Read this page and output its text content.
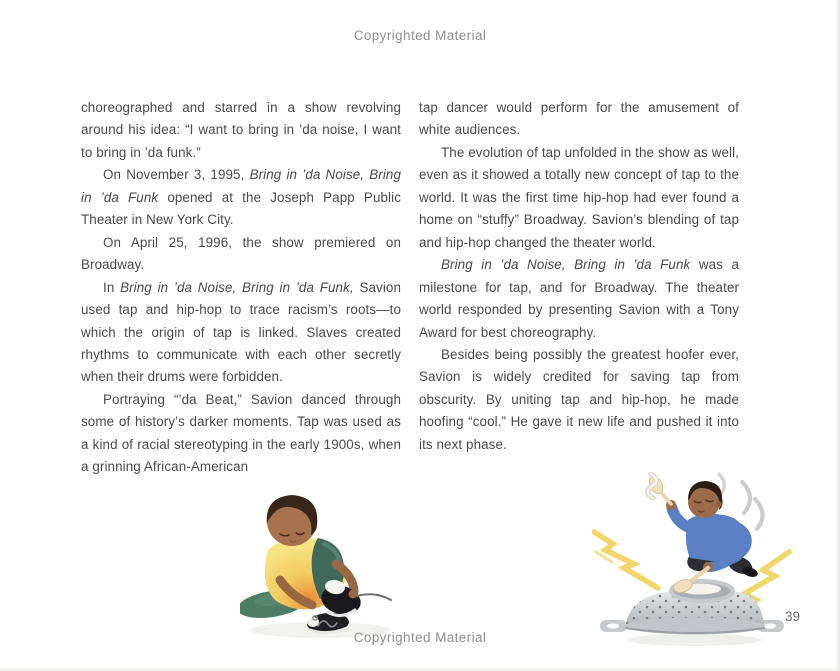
Copyrighted Material

choreographed and starred in a show revolving around his idea: “I want to bring in ’da noise, I want to bring in ’da funk.”

On November 3, 1995, Bring in ’da Noise, Bring in ’da Funk opened at the Joseph Papp Public Theater in New York City.

On April 25, 1996, the show premiered on Broadway.

In Bring in ’da Noise, Bring in ’da Funk, Savion used tap and hip-hop to trace racism’s roots—to which the origin of tap is linked. Slaves created rhythms to communicate with each other secretly when their drums were forbidden.

Portraying “’da Beat,” Savion danced through some of history’s darker moments. Tap was used as a kind of racial stereotyping in the early 1900s, when a grinning African-American

tap dancer would perform for the amusement of white audiences.

The evolution of tap unfolded in the show as well, even as it showed a totally new concept of tap to the world. It was the first time hip-hop had ever found a home on “stuffy” Broadway. Savion’s blending of tap and hip-hop changed the theater world.

Bring in ’da Noise, Bring in ’da Funk was a milestone for tap, and for Broadway. The theater world responded by presenting Savion with a Tony Award for best choreography.

Besides being possibly the greatest hoofer ever, Savion is widely credited for saving tap from obscurity. By uniting tap and hip-hop, he made hoofing “cool.” He gave it new life and pushed it into its next phase.

Copyrighted Material
39
